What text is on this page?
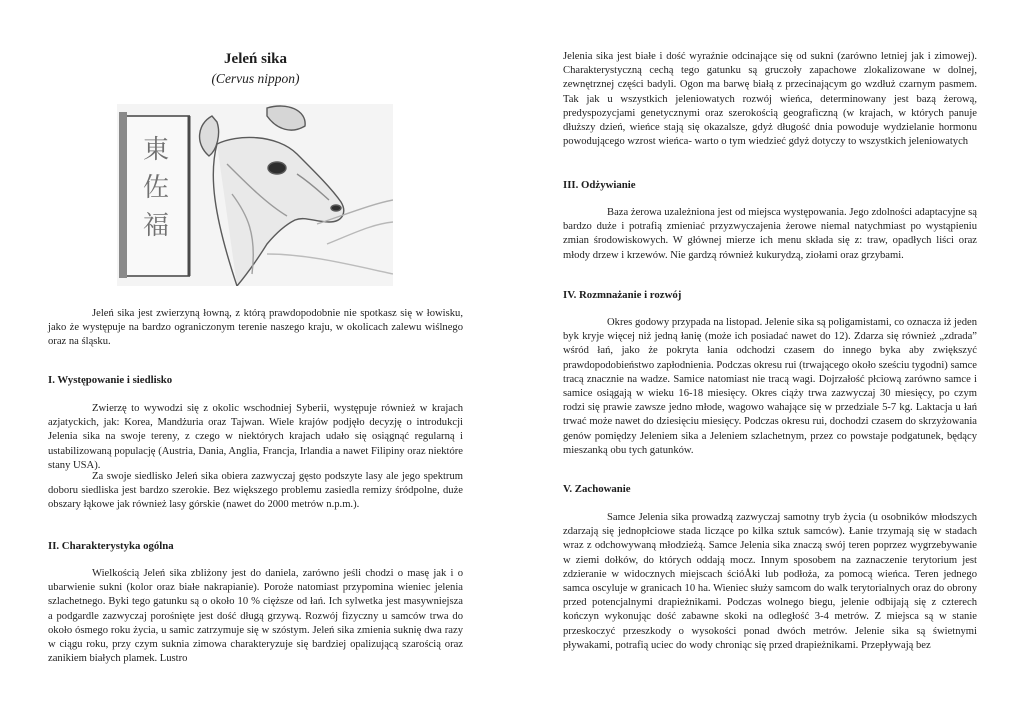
Jeleń sika
(Cervus nippon)
東
佐
福

Jeleń sika jest zwierzyną łowną, z którą prawdopodobnie nie spotkasz się w łowisku, jako że występuje na bardzo ograniczonym terenie naszego kraju, w okolicach zalewu wiślnego oraz na śląsku.

I. Występowanie i siedlisko

Zwierzę to wywodzi się z okolic wschodniej Syberii, występuje również w krajach azjatyckich, jak: Korea, Mandżuria oraz Tajwan. Wiele krajów podjęło decyzję o introdukcji Jelenia sika na swoje tereny, z czego w niektórych krajach udało się osiągnąć regularną i ustabilizowaną populację (Austria, Dania, Anglia, Francja, Irlandia a nawet Filipiny oraz niektóre stany USA).

Za swoje siedlisko Jeleń sika obiera zazwyczaj gęsto podszyte lasy ale jego spektrum doboru siedliska jest bardzo szerokie. Bez większego problemu zasiedla remizy śródpolne, duże obszary łąkowe jak również lasy górskie (nawet do 2000 metrów n.p.m.).

II. Charakterystyka ogólna

Wielkością Jeleń sika zbliżony jest do daniela, zarówno jeśli chodzi o masę jak i o ubarwienie sukni (kolor oraz białe nakrapianie). Poroże natomiast przypomina wieniec jelenia szlachetnego. Byki tego gatunku są o około 10 % cięższe od łań. Ich sylwetka jest masywniejsza a podgardle zazwyczaj porośnięte jest dość długą grzywą. Rozwój fizyczny u samców trwa do około ósmego roku życia, u samic zatrzymuje się w szóstym. Jeleń sika zmienia suknię dwa razy w ciągu roku, przy czym suknia zimowa charakteryzuje się bardziej opalizującą szarością oraz zanikiem białych plamek. Lustro

Jelenia sika jest białe i dość wyraźnie odcinające się od sukni (zarówno letniej jak i zimowej). Charakterystyczną cechą tego gatunku są gruczoły zapachowe zlokalizowane w dolnej, zewnętrznej części badyli. Ogon ma barwę białą z przecinającym go wzdłuż czarnym pasmem. Tak jak u wszystkich jeleniowatych rozwój wieńca, determinowany jest bazą żerową, predyspozycjami genetycznymi oraz szerokością geograficzną (w krajach, w których panuje dłuższy dzień, wieńce stają się okazalsze, gdyż długość dnia powoduje wydzielanie hormonu powodującego wzrost wieńca- warto o tym wiedzieć gdyż dotyczy to wszystkich jeleniowatych

III. Odżywianie

Baza żerowa uzależniona jest od miejsca występowania. Jego zdolności adaptacyjne są bardzo duże i potrafią zmieniać przyzwyczajenia żerowe niemal natychmiast po wystąpieniu zmian środowiskowych. W głównej mierze ich menu składa się z: traw, opadłych liści oraz młody drzew i krzewów. Nie gardzą również kukurydzą, ziołami oraz grzybami.

IV. Rozmnażanie i rozwój

Okres godowy przypada na listopad. Jelenie sika są poligamistami, co oznacza iż jeden byk kryje więcej niż jedną łanię (może ich posiadać nawet do 12). Zdarza się również „zdrada” wśród łań, jako że pokryta łania odchodzi czasem do innego byka aby zwiększyć prawdopodobieństwo zapłodnienia. Podczas okresu rui (trwającego około sześciu tygodni) samce tracą znacznie na wadze. Samice natomiast nie tracą wagi. Dojrzałość płciową zarówno samce i samice osiągają w wieku 16-18 miesięcy. Okres ciąży trwa zazwyczaj 30 miesięcy, po czym rodzi się prawie zawsze jedno młode, wagowo wahające się w przedziale 5-7 kg. Laktacja u łań trwać może nawet do dziesięciu miesięcy. Podczas okresu rui, dochodzi czasem do skrzyżowania genów pomiędzy Jeleniem sika a Jeleniem szlachetnym, przez co powstaje podgatunek, będący mieszanką obu tych gatunków.

V. Zachowanie

Samce Jelenia sika prowadzą zazwyczaj samotny tryb życia (u osobników młodszych zdarzają się jednopłciowe stada liczące po kilka sztuk samców). Łanie trzymają się w stadach wraz z odchowywaną młodzieżą. Samce Jelenia sika znaczą swój teren poprzez wygrzebywanie w ziemi dołków, do których oddają mocz. Innym sposobem na zaznaczenie terytorium jest zdzieranie w widocznych miejscach ścióÅki lub podłoża, za pomocą wieńca. Teren jednego samca oscyluje w granicach 10 ha. Wieniec służy samcom do walk terytorialnych oraz do obrony przed potencjalnymi drapieżnikami. Podczas wolnego biegu, jelenie odbijają się z czterech kończyn wykonując dość zabawne skoki na odległość 3-4 metrów. Z miejsca są w stanie przeskoczyć przeszkody o wysokości ponad dwóch metrów. Jelenie sika są świetnymi pływakami, potrafią uciec do wody chroniąc się przed drapieżnikami. Przepływają bez
